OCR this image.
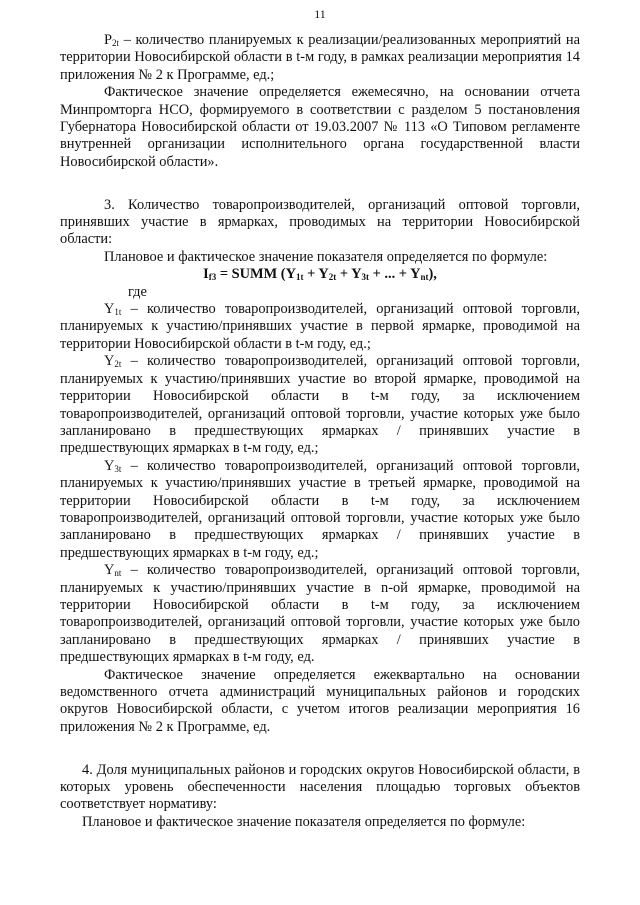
11

$P_{2t}$ – количество планируемых к реализации/реализованных мероприятий на территории Новосибирской области в t-м году, в рамках реализации мероприятия 14 приложения № 2 к Программе, ед.;

Фактическое значение определяется ежемесячно, на основании отчета Минпромторга НСО, формируемого в соответствии с разделом 5 постановления Губернатора Новосибирской области от 19.03.2007 № 113 «О Типовом регламенте внутренней организации исполнительного органа государственной власти Новосибирской области».

3. Количество товаропроизводителей, организаций оптовой торговли, принявших участие в ярмарках, проводимых на территории Новосибирской области:

Плановое и фактическое значение показателя определяется по формуле:

$I_{f3}$ = SUMM ($Y_{1t} + Y_{2t} + Y_{3t}$ + ... + $Y_{nt}$),

где

$Y_{1t}$ – количество товаропроизводителей, организаций оптовой торговли, планируемых к участию/принявших участие в первой ярмарке, проводимой на территории Новосибирской области в t-м году, ед.;

$Y_{2t}$ – количество товаропроизводителей, организаций оптовой торговли, планируемых к участию/принявших участие во второй ярмарке, проводимой на территории Новосибирской области в t-м году, за исключением товаропроизводителей, организаций оптовой торговли, участие которых уже было запланировано в предшествующих ярмарках / принявших участие в предшествующих ярмарках в t-м году, ед.;

$Y_{3t}$ – количество товаропроизводителей, организаций оптовой торговли, планируемых к участию/принявших участие в третьей ярмарке, проводимой на территории Новосибирской области в t-м году, за исключением товаропроизводителей, организаций оптовой торговли, участие которых уже было запланировано в предшествующих ярмарках / принявших участие в предшествующих ярмарках в t-м году, ед.;

$Y_{nt}$ – количество товаропроизводителей, организаций оптовой торговли, планируемых к участию/принявших участие в n-ой ярмарке, проводимой на территории Новосибирской области в t-м году, за исключением товаропроизводителей, организаций оптовой торговли, участие которых уже было запланировано в предшествующих ярмарках / принявших участие в предшествующих ярмарках в t-м году, ед.

Фактическое значение определяется ежеквартально на основании ведомственного отчета администраций муниципальных районов и городских округов Новосибирской области, с учетом итогов реализации мероприятия 16 приложения № 2 к Программе, ед.

4. Доля муниципальных районов и городских округов Новосибирской области, в которых уровень обеспеченности населения площадью торговых объектов соответствует нормативу:

Плановое и фактическое значение показателя определяется по формуле:
